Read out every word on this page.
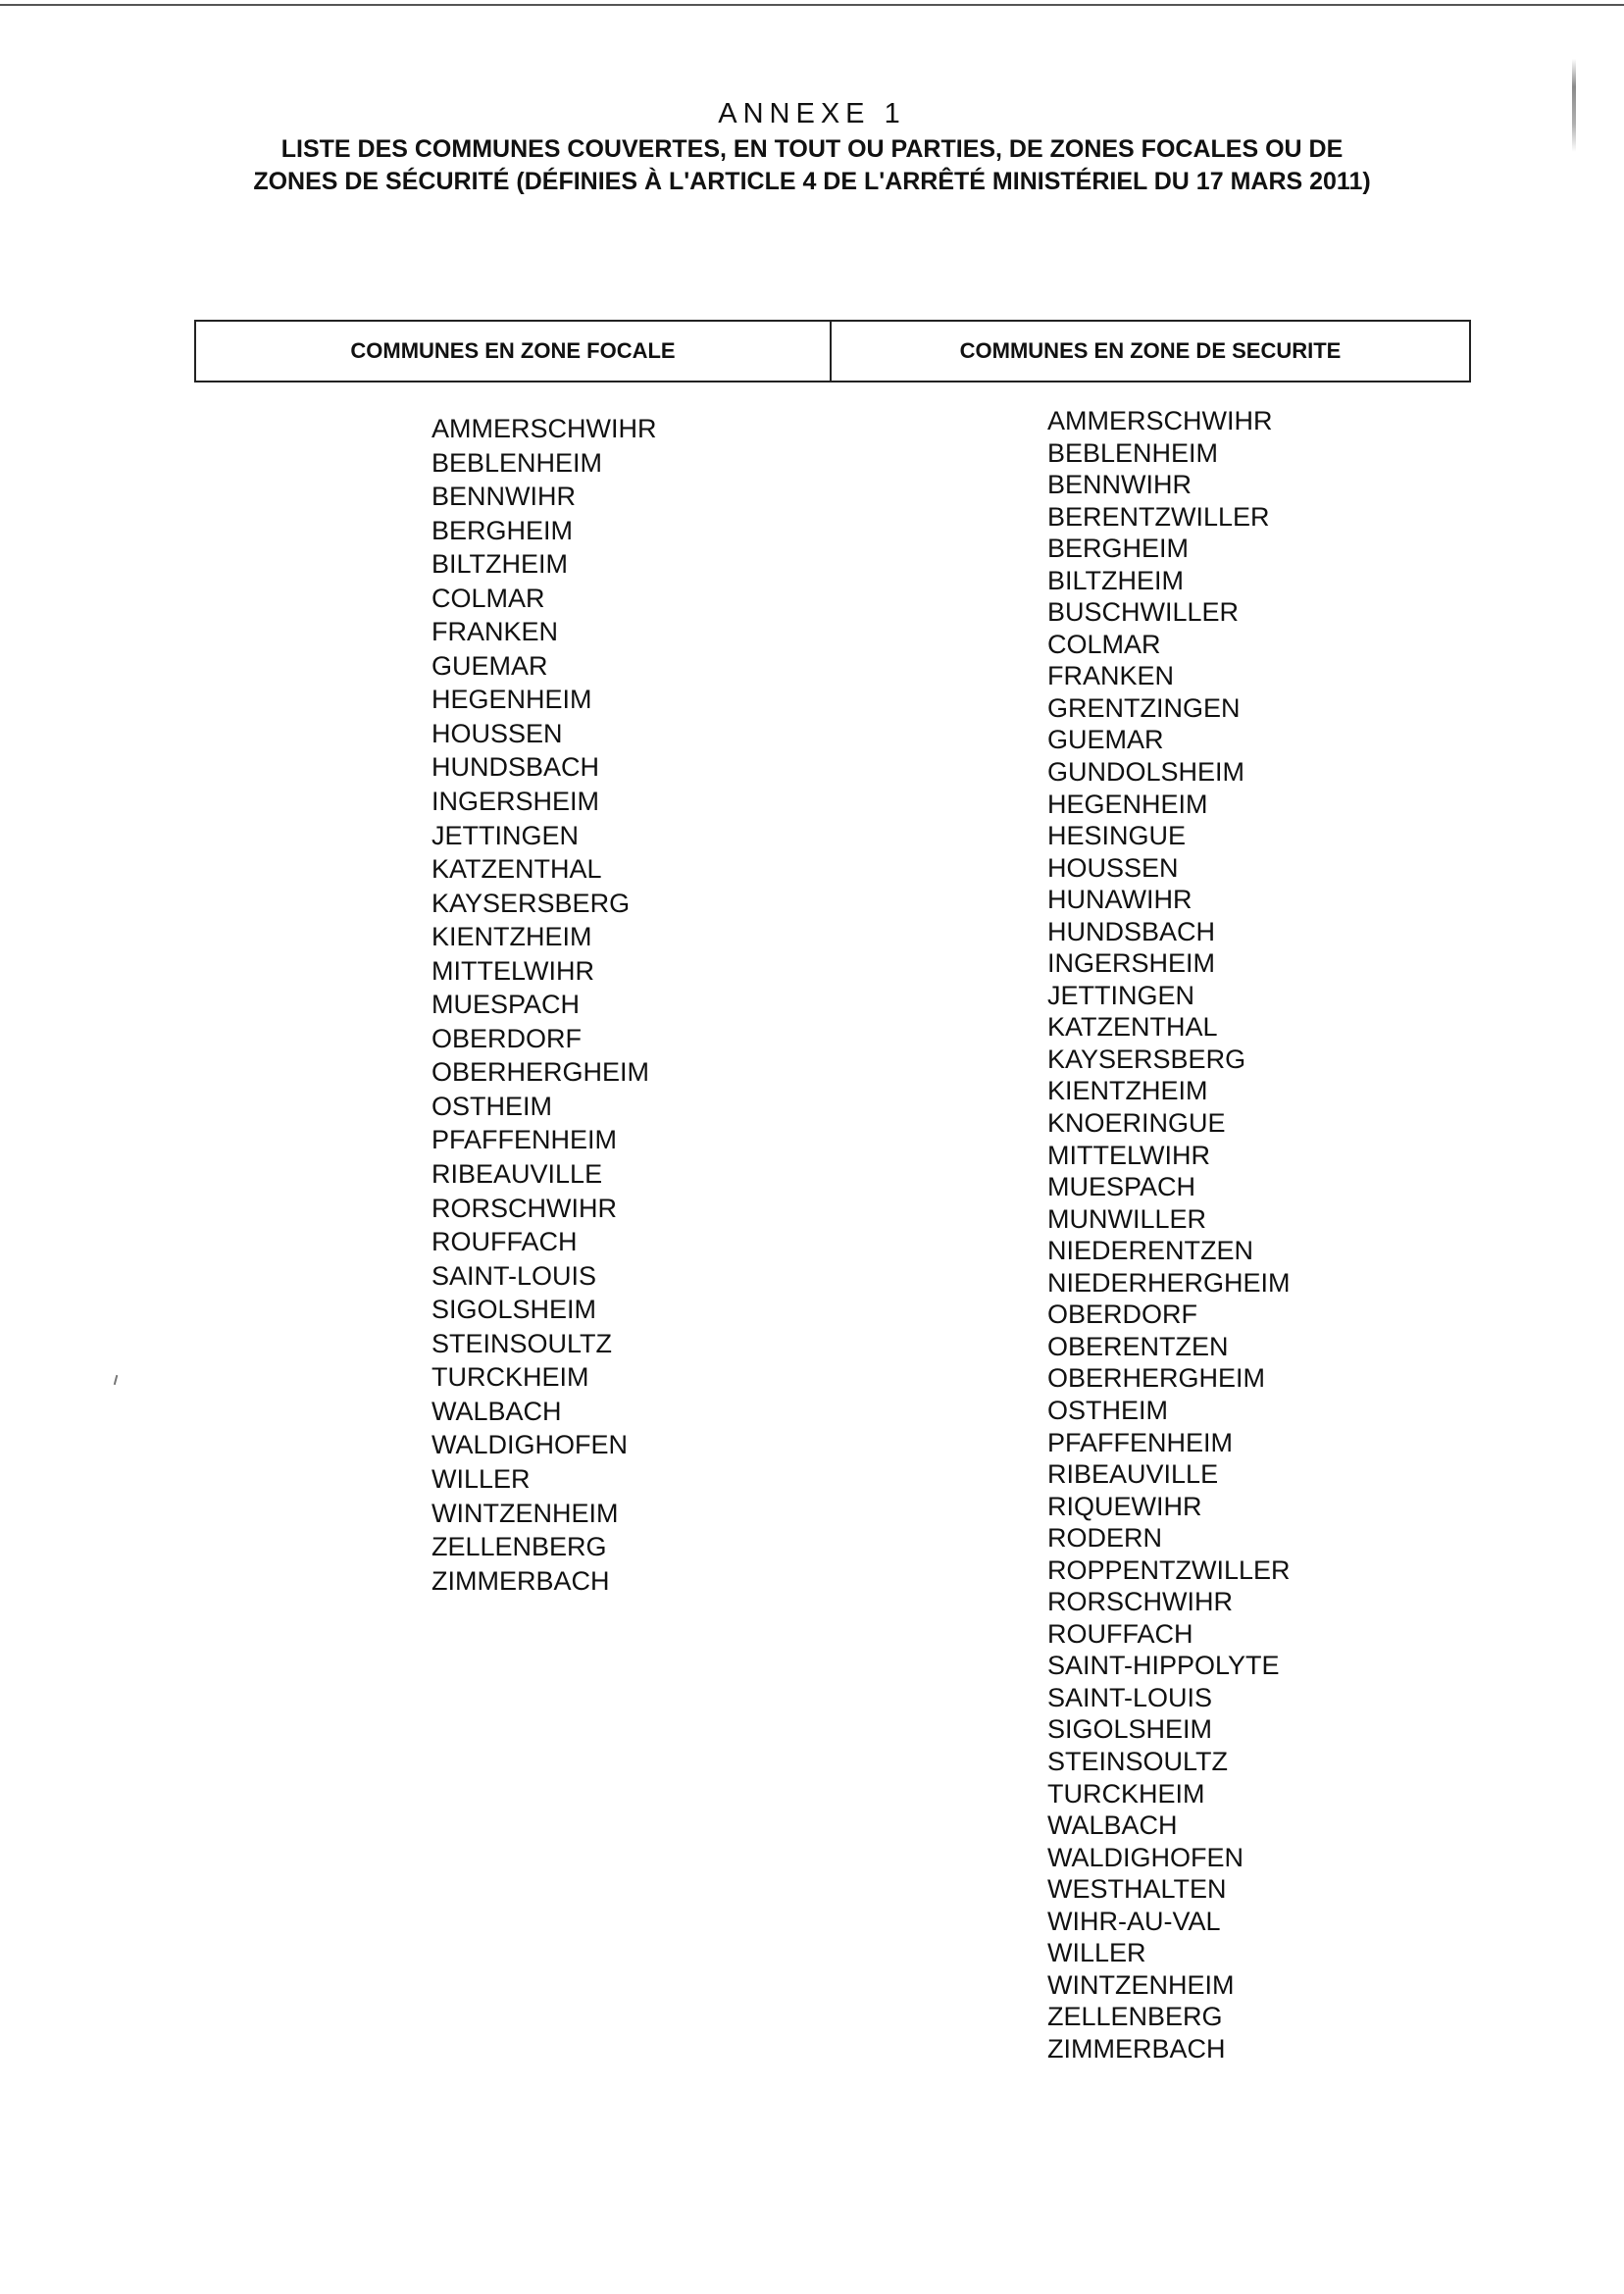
ANNEXE 1
LISTE DES COMMUNES COUVERTES, EN TOUT OU PARTIES, DE ZONES FOCALES OU DE
ZONES DE SÉCURITÉ (DÉFINIES À L'ARTICLE 4 DE L'ARRÊTÉ MINISTÉRIEL DU 17 MARS 2011)
COMMUNES EN ZONE FOCALE	COMMUNES EN ZONE DE SECURITE
AMMERSCHWIHR
BEBLENHEIM
BENNWIHR
BERGHEIM
BILTZHEIM
COLMAR
FRANKEN
GUEMAR
HEGENHEIM
HOUSSEN
HUNDSBACH
INGERSHEIM
JETTINGEN
KATZENTHAL
KAYSERSBERG
KIENTZHEIM
MITTELWIHR
MUESPACH
OBERDORF
OBERHERGHEIM
OSTHEIM
PFAFFENHEIM
RIBEAUVILLE
RORSCHWIHR
ROUFFACH
SAINT-LOUIS
SIGOLSHEIM
STEINSOULTZ
TURCKHEIM
WALBACH
WALDIGHOFEN
WILLER
WINTZENHEIM
ZELLENBERG
ZIMMERBACH
AMMERSCHWIHR
BEBLENHEIM
BENNWIHR
BERENTZWILLER
BERGHEIM
BILTZHEIM
BUSCHWILLER
COLMAR
FRANKEN
GRENTZINGEN
GUEMAR
GUNDOLSHEIM
HEGENHEIM
HESINGUE
HOUSSEN
HUNAWIHR
HUNDSBACH
INGERSHEIM
JETTINGEN
KATZENTHAL
KAYSERSBERG
KIENTZHEIM
KNOERINGUE
MITTELWIHR
MUESPACH
MUNWILLER
NIEDERENTZEN
NIEDERHERGHEIM
OBERDORF
OBERENTZEN
OBERHERGHEIM
OSTHEIM
PFAFFENHEIM
RIBEAUVILLE
RIQUEWIHR
RODERN
ROPPENTZWILLER
RORSCHWIHR
ROUFFACH
SAINT-HIPPOLYTE
SAINT-LOUIS
SIGOLSHEIM
STEINSOULTZ
TURCKHEIM
WALBACH
WALDIGHOFEN
WESTHALTEN
WIHR-AU-VAL
WILLER
WINTZENHEIM
ZELLENBERG
ZIMMERBACH
